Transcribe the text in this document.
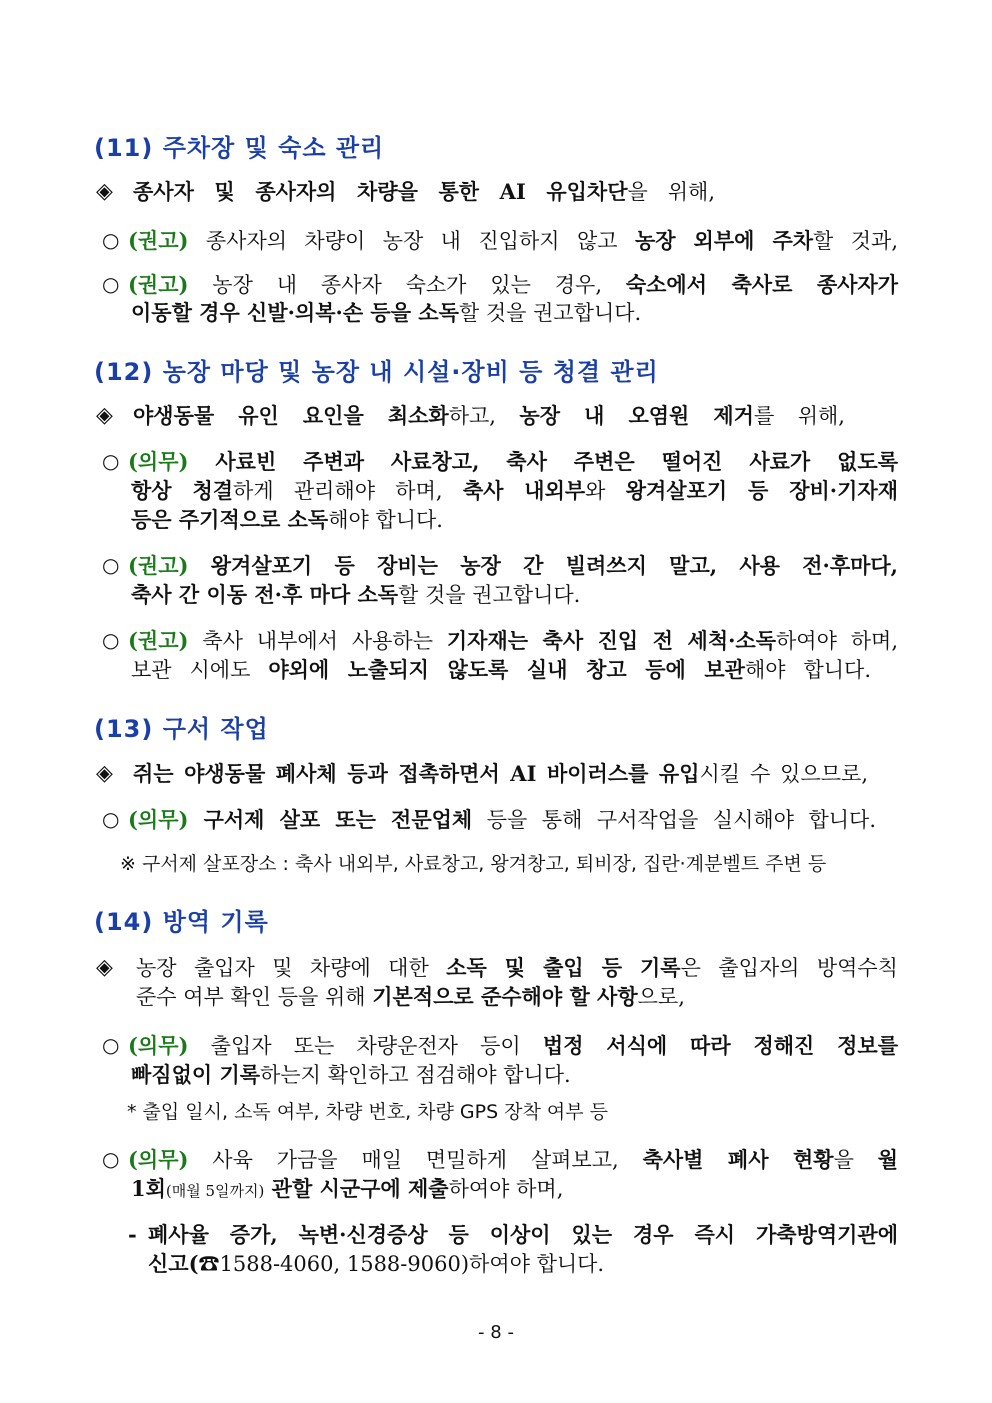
(11) 주차장 및 숙소 관리
◈ 종사자 및 종사자의 차량을 통한 AI 유입차단을 위해,
○ (권고) 종사자의 차량이 농장 내 진입하지 않고 농장 외부에 주차할 것과,
○ (권고) 농장 내 종사자 숙소가 있는 경우, 숙소에서 축사로 종사자가
이동할 경우 신발·의복·손 등을 소독할 것을 권고합니다.
(12) 농장 마당 및 농장 내 시설·장비 등 청결 관리
◈ 야생동물 유인 요인을 최소화하고, 농장 내 오염원 제거를 위해,
○ (의무) 사료빈 주변과 사료창고, 축사 주변은 떨어진 사료가 없도록
항상 청결하게 관리해야 하며, 축사 내외부와 왕겨살포기 등 장비·기자재
등은 주기적으로 소독해야 합니다.
○ (권고) 왕겨살포기 등 장비는 농장 간 빌려쓰지 말고, 사용 전·후마다,
축사 간 이동 전·후 마다 소독할 것을 권고합니다.
○ (권고) 축사 내부에서 사용하는 기자재는 축사 진입 전 세척·소독하여야 하며,
보관 시에도 야외에 노출되지 않도록 실내 창고 등에 보관해야 합니다.
(13) 구서 작업
◈ 쥐는 야생동물 폐사체 등과 접촉하면서 AI 바이러스를 유입시킬 수 있으므로,
○ (의무) 구서제 살포 또는 전문업체 등을 통해 구서작업을 실시해야 합니다.
※ 구서제 살포장소 : 축사 내외부, 사료창고, 왕겨창고, 퇴비장, 집란·계분벨트 주변 등
(14) 방역 기록
◈ 농장 출입자 및 차량에 대한 소독 및 출입 등 기록은 출입자의 방역수칙
준수 여부 확인 등을 위해 기본적으로 준수해야 할 사항으로,
○ (의무) 출입자 또는 차량운전자 등이 법정 서식에 따라 정해진 정보를
빠짐없이 기록하는지 확인하고 점검해야 합니다.
* 출입 일시, 소독 여부, 차량 번호, 차량 GPS 장착 여부 등
○ (의무) 사육 가금을 매일 면밀하게 살펴보고, 축사별 폐사 현황을 월
1회(매월 5일까지) 관할 시군구에 제출하여야 하며,
- 폐사율 증가, 녹변·신경증상 등 이상이 있는 경우 즉시 가축방역기관에
신고(☎1588-4060, 1588-9060)하여야 합니다.
- 8 -
